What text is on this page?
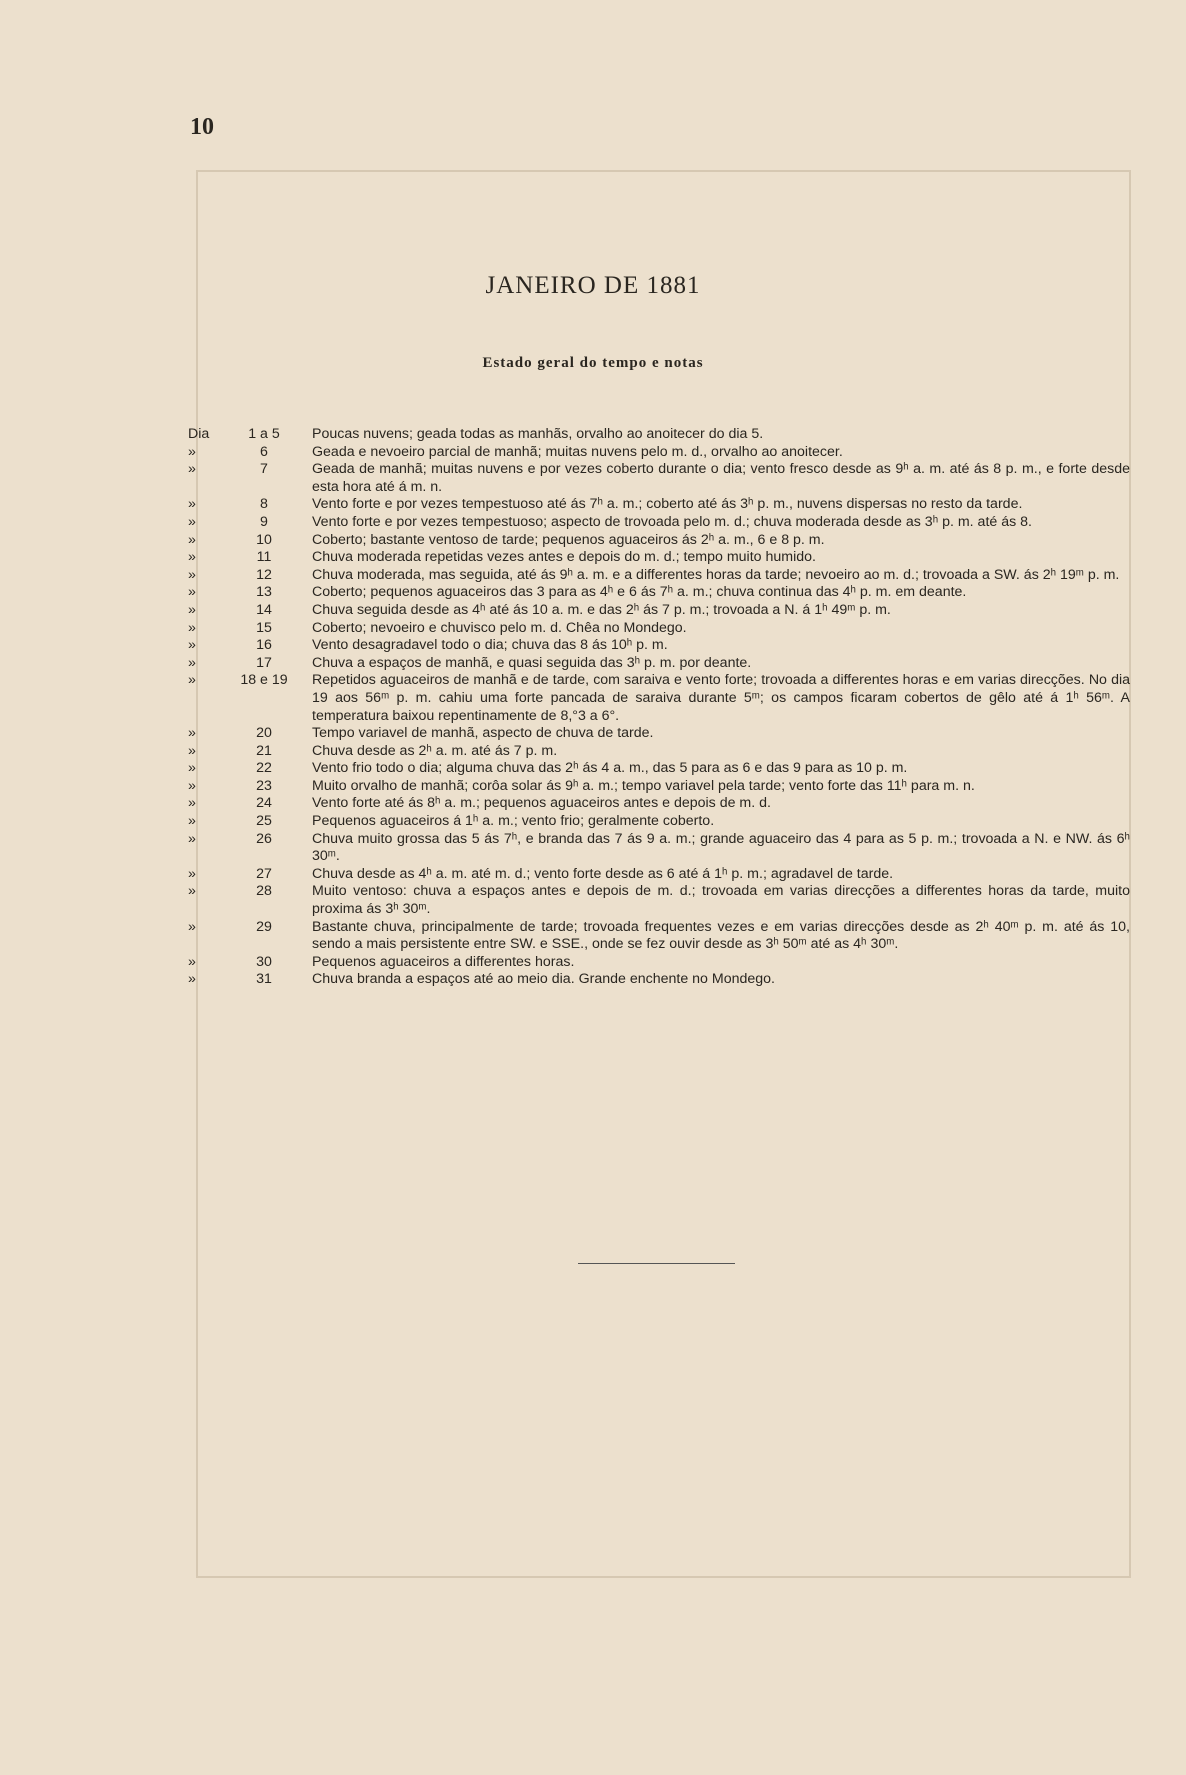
10
JANEIRO DE 1881
Estado geral do tempo e notas
Dia	1 a 5	Poucas nuvens; geada todas as manhãs, orvalho ao anoitecer do dia 5.
»	6	Geada e nevoeiro parcial de manhã; muitas nuvens pelo m. d., orvalho ao anoitecer.
»	7	Geada de manhã; muitas nuvens e por vezes coberto durante o dia; vento fresco desde as 9ʰ a. m. até ás 8 p. m., e forte desde esta hora até á m. n.
»	8	Vento forte e por vezes tempestuoso até ás 7ʰ a. m.; coberto até ás 3ʰ p. m., nuvens dispersas no resto da tarde.
»	9	Vento forte e por vezes tempestuoso; aspecto de trovoada pelo m. d.; chuva moderada desde as 3ʰ p. m. até ás 8.
»	10	Coberto; bastante ventoso de tarde; pequenos aguaceiros ás 2ʰ a. m., 6 e 8 p. m.
»	11	Chuva moderada repetidas vezes antes e depois do m. d.; tempo muito humido.
»	12	Chuva moderada, mas seguida, até ás 9ʰ a. m. e a differentes horas da tarde; nevoeiro ao m. d.; trovoada a SW. ás 2ʰ 19ᵐ p. m.
»	13	Coberto; pequenos aguaceiros das 3 para as 4ʰ e 6 ás 7ʰ a. m.; chuva continua das 4ʰ p. m. em deante.
»	14	Chuva seguida desde as 4ʰ até ás 10 a. m. e das 2ʰ ás 7 p. m.; trovoada a N. á 1ʰ 49ᵐ p. m.
»	15	Coberto; nevoeiro e chuvisco pelo m. d. Chêa no Mondego.
»	16	Vento desagradavel todo o dia; chuva das 8 ás 10ʰ p. m.
»	17	Chuva a espaços de manhã, e quasi seguida das 3ʰ p. m. por deante.
»	18 e 19	Repetidos aguaceiros de manhã e de tarde, com saraiva e vento forte; trovoada a differentes horas e em varias direcções. No dia 19 aos 56ᵐ p. m. cahiu uma forte pancada de saraiva durante 5ᵐ; os campos ficaram cobertos de gêlo até á 1ʰ 56ᵐ. A temperatura baixou repentinamente de 8,°3 a 6°.
»	20	Tempo variavel de manhã, aspecto de chuva de tarde.
»	21	Chuva desde as 2ʰ a. m. até ás 7 p. m.
»	22	Vento frio todo o dia; alguma chuva das 2ʰ ás 4 a. m., das 5 para as 6 e das 9 para as 10 p. m.
»	23	Muito orvalho de manhã; corôa solar ás 9ʰ a. m.; tempo variavel pela tarde; vento forte das 11ʰ para m. n.
»	24	Vento forte até ás 8ʰ a. m.; pequenos aguaceiros antes e depois de m. d.
»	25	Pequenos aguaceiros á 1ʰ a. m.; vento frio; geralmente coberto.
»	26	Chuva muito grossa das 5 ás 7ʰ, e branda das 7 ás 9 a. m.; grande aguaceiro das 4 para as 5 p. m.; trovoada a N. e NW. ás 6ʰ 30ᵐ.
»	27	Chuva desde as 4ʰ a. m. até m. d.; vento forte desde as 6 até á 1ʰ p. m.; agradavel de tarde.
»	28	Muito ventoso: chuva a espaços antes e depois de m. d.; trovoada em varias direcções a differentes horas da tarde, muito proxima ás 3ʰ 30ᵐ.
»	29	Bastante chuva, principalmente de tarde; trovoada frequentes vezes e em varias direcções desde as 2ʰ 40ᵐ p. m. até ás 10, sendo a mais persistente entre SW. e SSE., onde se fez ouvir desde as 3ʰ 50ᵐ até as 4ʰ 30ᵐ.
»	30	Pequenos aguaceiros a differentes horas.
»	31	Chuva branda a espaços até ao meio dia. Grande enchente no Mondego.
